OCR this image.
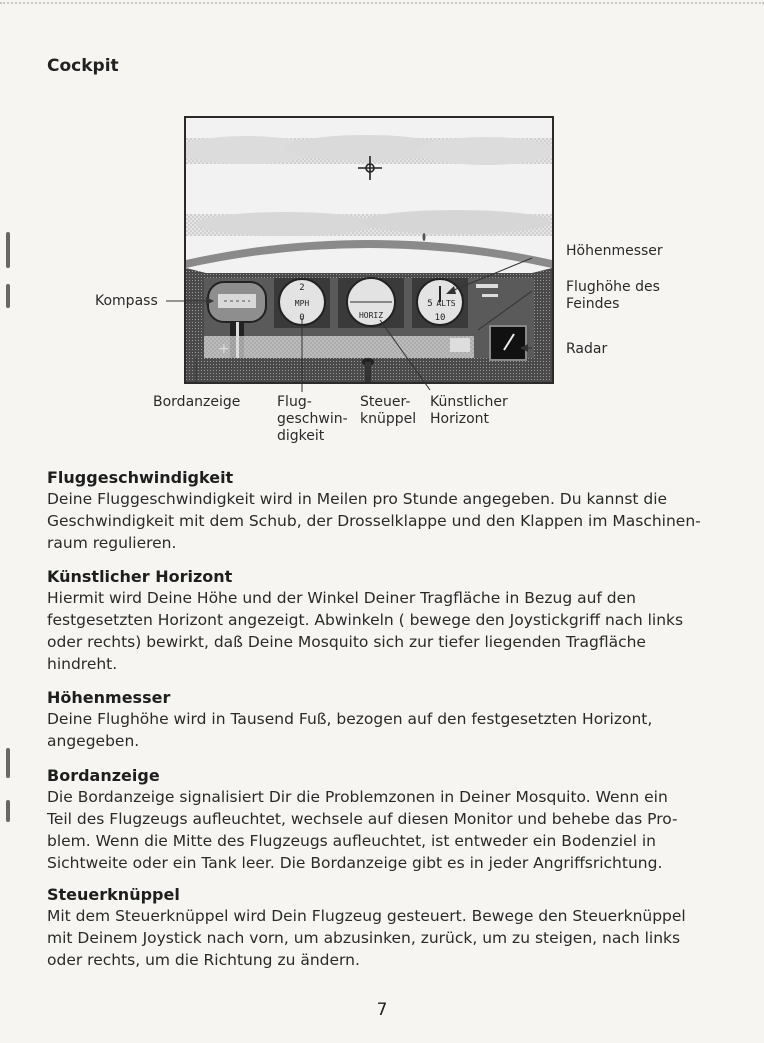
Cockpit
2
MPH
0	HORIZ
5 ALTS
10
+
Kompass
Höhenmesser
Flughöhe des
Feindes
Radar
Bordanzeige	Flug-
geschwin-
digkeit
Steuer-
knüppel
Künstlicher
Horizont
Fluggeschwindigkeit

Deine Fluggeschwindigkeit wird in Meilen pro Stunde angegeben. Du kannst die

Geschwindigkeit mit dem Schub, der Drosselklappe und den Klappen im Maschinen-

raum regulieren.

Künstlicher Horizont

Hiermit wird Deine Höhe und der Winkel Deiner Tragfläche in Bezug auf den

festgesetzten Horizont angezeigt. Abwinkeln ( bewege den Joystickgriff nach links

oder rechts) bewirkt, daß Deine Mosquito sich zur tiefer liegenden Tragfläche

hindreht.

Höhenmesser

Deine Flughöhe wird in Tausend Fuß, bezogen auf den festgesetzten Horizont,

angegeben.

Bordanzeige

Die Bordanzeige signalisiert Dir die Problemzonen in Deiner Mosquito. Wenn ein

Teil des Flugzeugs aufleuchtet, wechsele auf diesen Monitor und behebe das Pro-

blem. Wenn die Mitte des Flugzeugs aufleuchtet, ist entweder ein Bodenziel in

Sichtweite oder ein Tank leer. Die Bordanzeige gibt es in jeder Angriffsrichtung.

Steuerknüppel

Mit dem Steuerknüppel wird Dein Flugzeug gesteuert. Bewege den Steuerknüppel

mit Deinem Joystick nach vorn, um abzusinken, zurück, um zu steigen, nach links

oder rechts, um die Richtung zu ändern.

7
